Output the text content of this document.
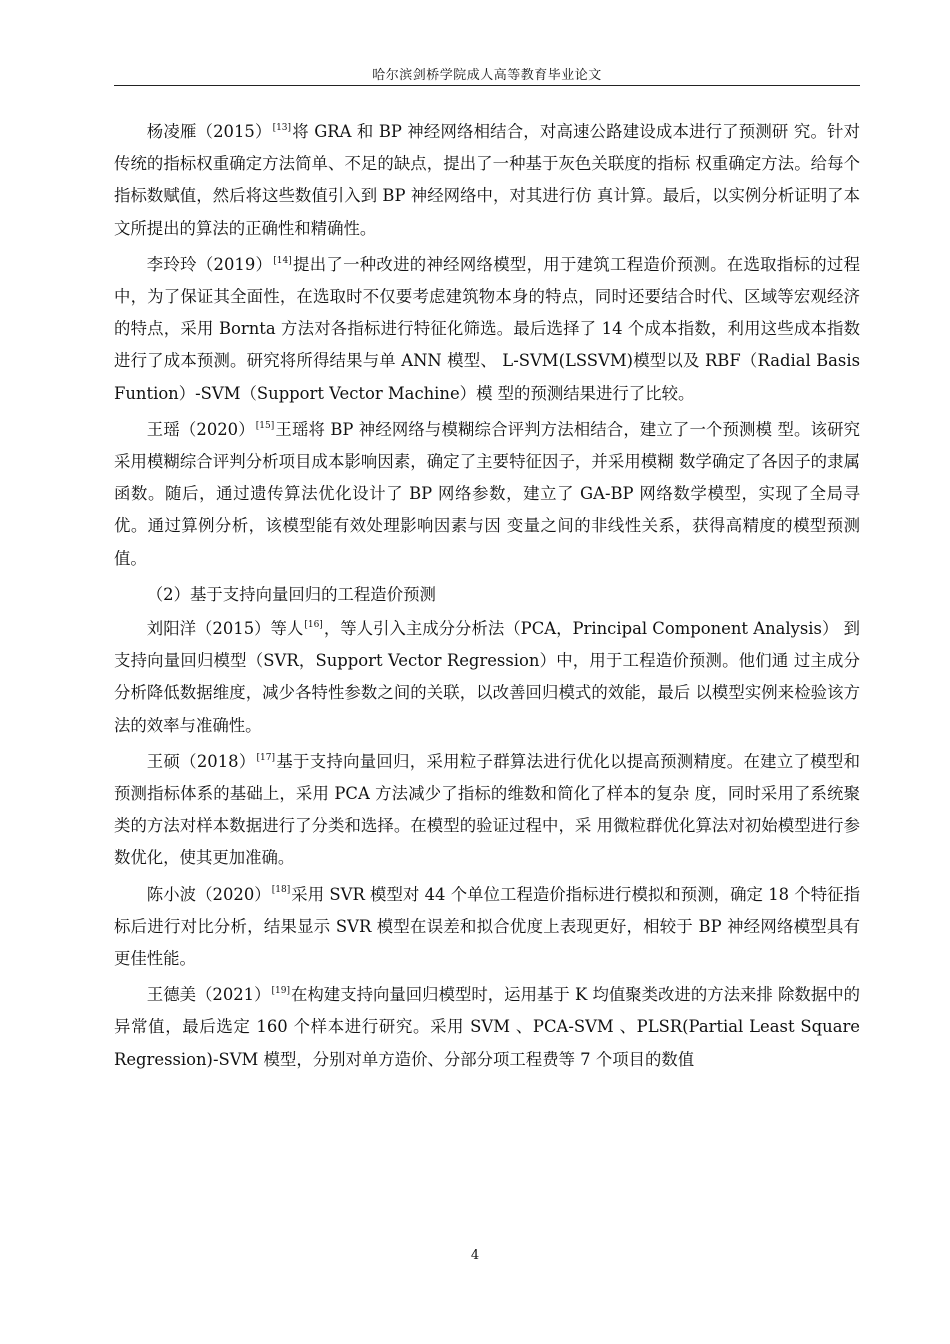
哈尔滨剑桥学院成人高等教育毕业论文

杨凌雁（2015）[13]将 GRA 和 BP 神经网络相结合，对高速公路建设成本进行了预测研 究。针对传统的指标权重确定方法简单、不足的缺点，提出了一种基于灰色关联度的指标 权重确定方法。给每个指标数赋值，然后将这些数值引入到 BP 神经网络中，对其进行仿 真计算。最后，以实例分析证明了本文所提出的算法的正确性和精确性。

李玲玲（2019）[14]提出了一种改进的神经网络模型，用于建筑工程造价预测。在选取指标的过程中，为了保证其全面性，在选取时不仅要考虑建筑物本身的特点，同时还要结合时代、区域等宏观经济的特点，采用 Bornta 方法对各指标进行特征化筛选。最后选择了 14 个成本指数，利用这些成本指数进行了成本预测。研究将所得结果与单 ANN 模型、 L-SVM(LSSVM)模型以及 RBF（Radial Basis Funtion）-SVM（Support Vector Machine）模 型的预测结果进行了比较。

王瑶（2020）[15]王瑶将 BP 神经网络与模糊综合评判方法相结合，建立了一个预测模 型。该研究采用模糊综合评判分析项目成本影响因素，确定了主要特征因子，并采用模糊 数学确定了各因子的隶属函数。随后，通过遗传算法优化设计了 BP 网络参数，建立了 GA-BP 网络数学模型，实现了全局寻优。通过算例分析，该模型能有效处理影响因素与因 变量之间的非线性关系，获得高精度的模型预测值。

（2）基于支持向量回归的工程造价预测

刘阳洋（2015）等人[16]，等人引入主成分分析法（PCA，Principal Component Analysis） 到支持向量回归模型（SVR，Support Vector Regression）中，用于工程造价预测。他们通 过主成分分析降低数据维度，减少各特性参数之间的关联，以改善回归模式的效能，最后 以模型实例来检验该方法的效率与准确性。

王硕（2018）[17]基于支持向量回归，采用粒子群算法进行优化以提高预测精度。在建立了模型和预测指标体系的基础上，采用 PCA 方法减少了指标的维数和简化了样本的复杂 度，同时采用了系统聚类的方法对样本数据进行了分类和选择。在模型的验证过程中，采 用微粒群优化算法对初始模型进行参数优化，使其更加准确。

陈小波（2020）[18]采用 SVR 模型对 44 个单位工程造价指标进行模拟和预测，确定 18 个特征指标后进行对比分析，结果显示 SVR 模型在误差和拟合优度上表现更好，相较于 BP 神经网络模型具有更佳性能。

王德美（2021）[19]在构建支持向量回归模型时，运用基于 K 均值聚类改进的方法来排 除数据中的异常值，最后选定 160 个样本进行研究。采用 SVM 、PCA-SVM 、PLSR(Partial Least Square Regression)-SVM 模型，分别对单方造价、分部分项工程费等 7 个项目的数值

4
